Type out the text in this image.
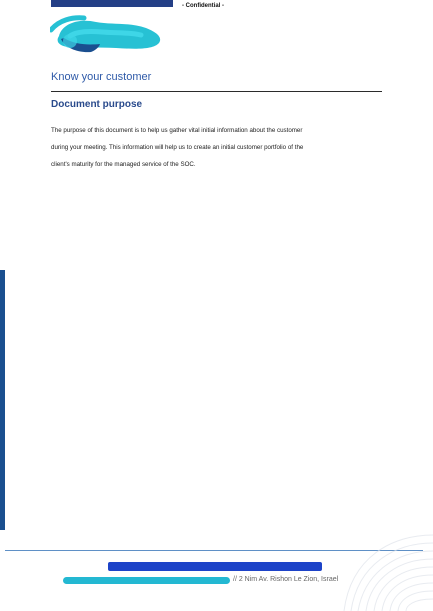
- Confidential -
Know your customer
Document purpose
The purpose of this document is to help us gather vital initial information about the customer
during your meeting. This information will help us to create an initial customer portfolio of the
client's maturity for the managed service of the SOC.
// 2 Nim Av. Rishon Le Zion, Israel
